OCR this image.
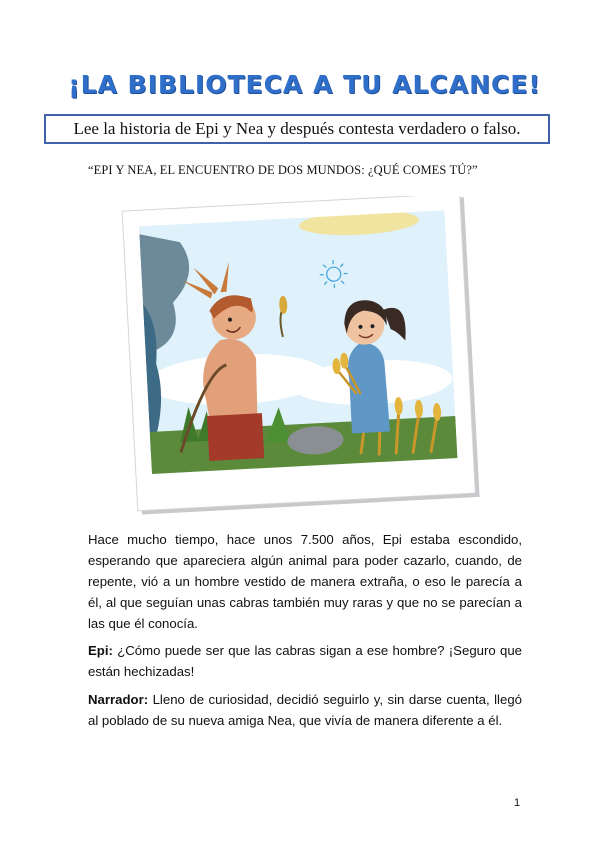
¡LA BIBLIOTECA A TU ALCANCE!
Lee la historia de Epi y Nea y después contesta verdadero o falso.
“EPI Y NEA, EL ENCUENTRO DE DOS MUNDOS: ¿QUÉ COMES TÚ?”
Hace mucho tiempo, hace unos 7.500 años, Epi estaba escondido, esperando que apareciera algún animal para poder cazarlo, cuando, de repente, vió a un hombre vestido de manera extraña, o eso le parecía a él, al que seguían unas cabras también muy raras y que no se parecían a las que él conocía.
Epi: ¿Cómo puede ser que las cabras sigan a ese hombre? ¡Seguro que están hechizadas!
Narrador: Lleno de curiosidad, decidió seguirlo y, sin darse cuenta, llegó al poblado de su nueva amiga Nea, que vivía de manera diferente a él.
1
